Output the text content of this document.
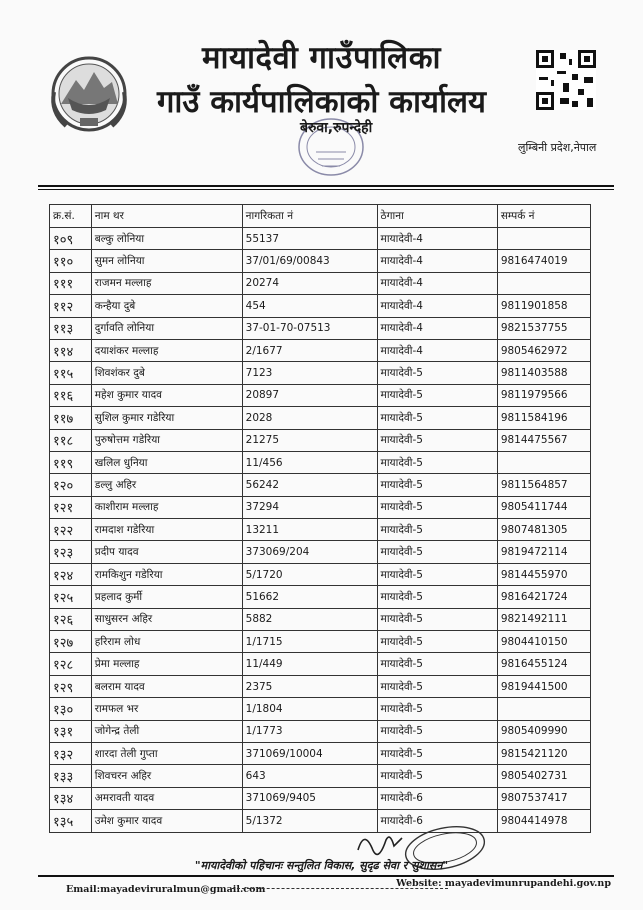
मायादेवी गाउँपालिका
गाउँ कार्यपालिकाको कार्यालय
बेरुवा,रुपन्देही
लुम्बिनी प्रदेश,नेपाल
क्र.सं.	नाम थर	नागरिकता नं	ठेगाना	सम्पर्क नं
१०९	बल्कु लोनिया	55137	मायादेवी-4	
११०	सुमन लोनिया	37/01/69/00843	मायादेवी-4	9816474019
१११	राजमन मल्लाह	20274	मायादेवी-4	
११२	कन्हैया दुबे	454	मायादेवी-4	9811901858
११३	दुर्गावति लोनिया	37-01-70-07513	मायादेवी-4	9821537755
११४	दयाशंकर मल्लाह	2/1677	मायादेवी-4	9805462972
११५	शिवशंकर दुबे	7123	मायादेवी-5	9811403588
११६	महेश कुमार यादव	20897	मायादेवी-5	9811979566
११७	सुशिल कुमार गडेरिया	2028	मायादेवी-5	9811584196
११८	पुरुषोत्तम गडेरिया	21275	मायादेवी-5	9814475567
११९	खलिल धुनिया	11/456	मायादेवी-5	
१२०	डल्लु अहिर	56242	मायादेवी-5	9811564857
१२१	काशीराम मल्लाह	37294	मायादेवी-5	9805411744
१२२	रामदाश गडेरिया	13211	मायादेवी-5	9807481305
१२३	प्रदीप यादव	373069/204	मायादेवी-5	9819472114
१२४	रामकिशुन गडेरिया	5/1720	मायादेवी-5	9814455970
१२५	प्रहलाद कुर्मी	51662	मायादेवी-5	9816421724
१२६	साधुसरन अहिर	5882	मायादेवी-5	9821492111
१२७	हरिराम लोध	1/1715	मायादेवी-5	9804410150
१२८	प्रेमा मल्लाह	11/449	मायादेवी-5	9816455124
१२९	बलराम यादव	2375	मायादेवी-5	9819441500
१३०	रामफल भर	1/1804	मायादेवी-5	
१३१	जोगेन्द्र तेली	1/1773	मायादेवी-5	9805409990
१३२	शारदा तेली गुप्ता	371069/10004	मायादेवी-5	9815421120
१३३	शिवचरन अहिर	643	मायादेवी-5	9805402731
१३४	अमरावती यादव	371069/9405	मायादेवी-6	9807537417
१३५	उमेश कुमार यादव	5/1372	मायादेवी-6	9804414978
"मायादेवीको पहिचानः सन्तुलित विकास, सुदृढ सेवा र सुशासन"
Email:mayadeviruralmun@gmail.com
Website: mayadevimunrupandehi.gov.np
